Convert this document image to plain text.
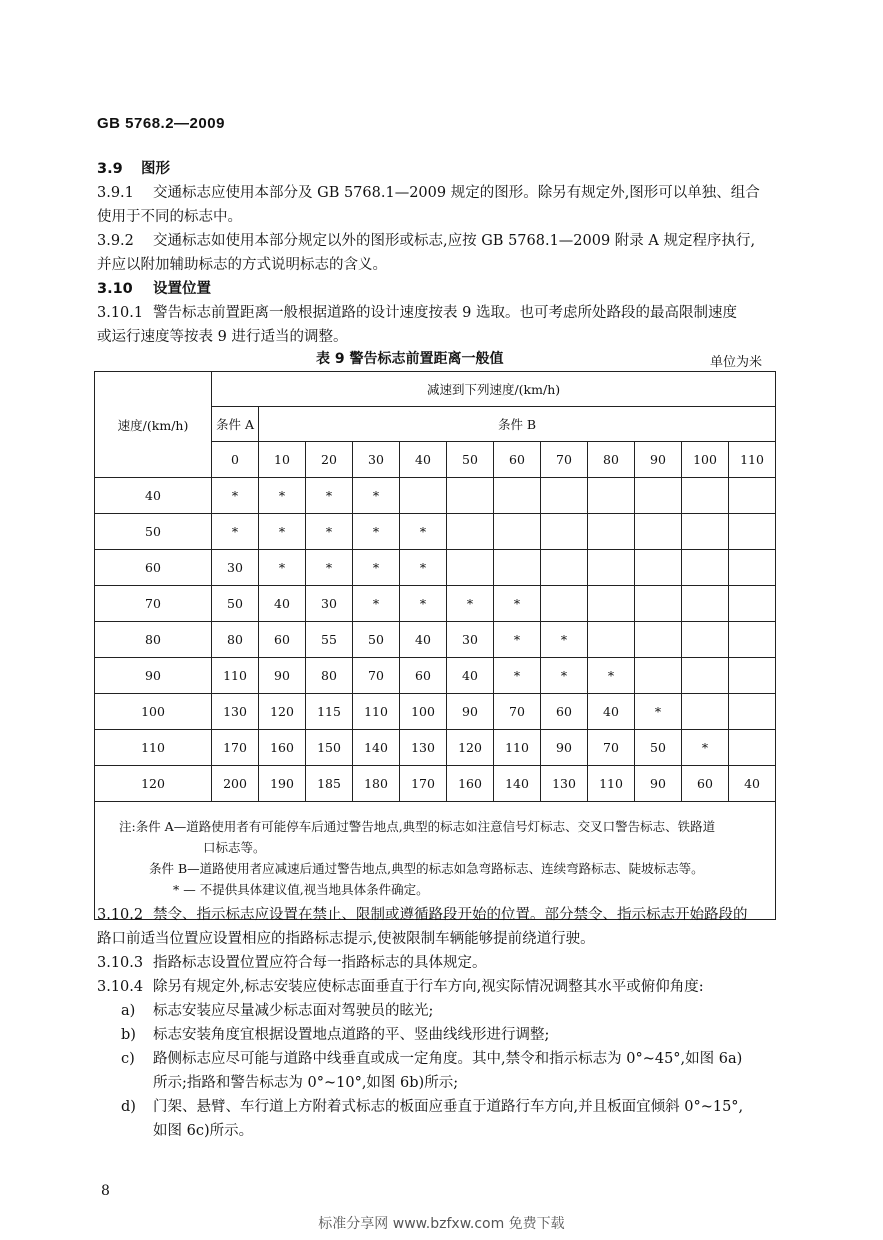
GB 5768.2—2009
3.9 图形
3.9.1 交通标志应使用本部分及 GB 5768.1—2009 规定的图形。除另有规定外,图形可以单独、组合
使用于不同的标志中。
3.9.2 交通标志如使用本部分规定以外的图形或标志,应按 GB 5768.1—2009 附录 A 规定程序执行,
并应以附加辅助标志的方式说明标志的含义。
3.10 设置位置
3.10.1 警告标志前置距离一般根据道路的设计速度按表 9 选取。也可考虑所处路段的最高限制速度
或运行速度等按表 9 进行适当的调整。
表 9 警告标志前置距离一般值	单位为米
速度/(km/h)	减速到下列速度/(km/h)											
	条件 A	条件 B										
	0	10	20	30	40	50	60	70	80	90	100	110
40	*	*	*	*								
50	*	*	*	*	*							
60	30	*	*	*	*							
70	50	40	30	*	*	*	*					
80	80	60	55	50	40	30	*	*				
90	110	90	80	70	60	40	*	*	*			
100	130	120	115	110	100	90	70	60	40	*		
110	170	160	150	140	130	120	110	90	70	50	*	
120	200	190	185	180	170	160	140	130	110	90	60	40

注:条件 A—道路使用者有可能停车后通过警告地点,典型的标志如注意信号灯标志、交叉口警告标志、铁路道
口标志等。
条件 B—道路使用者应减速后通过警告地点,典型的标志如急弯路标志、连续弯路标志、陡坡标志等。
* — 不提供具体建议值,视当地具体条件确定。												
3.10.2 禁令、指示标志应设置在禁止、限制或遵循路段开始的位置。部分禁令、指示标志开始路段的
路口前适当位置应设置相应的指路标志提示,使被限制车辆能够提前绕道行驶。
3.10.3 指路标志设置位置应符合每一指路标志的具体规定。
3.10.4 除另有规定外,标志安装应使标志面垂直于行车方向,视实际情况调整其水平或俯仰角度:
a) 标志安装应尽量减少标志面对驾驶员的眩光;
b) 标志安装角度宜根据设置地点道路的平、竖曲线线形进行调整;
c) 路侧标志应尽可能与道路中线垂直或成一定角度。其中,禁令和指示标志为 0°~45°,如图 6a)
所示;指路和警告标志为 0°~10°,如图 6b)所示;
d) 门架、悬臂、车行道上方附着式标志的板面应垂直于道路行车方向,并且板面宜倾斜 0°~15°,
如图 6c)所示。
8
标准分享网 www.bzfxw.com 免费下载
